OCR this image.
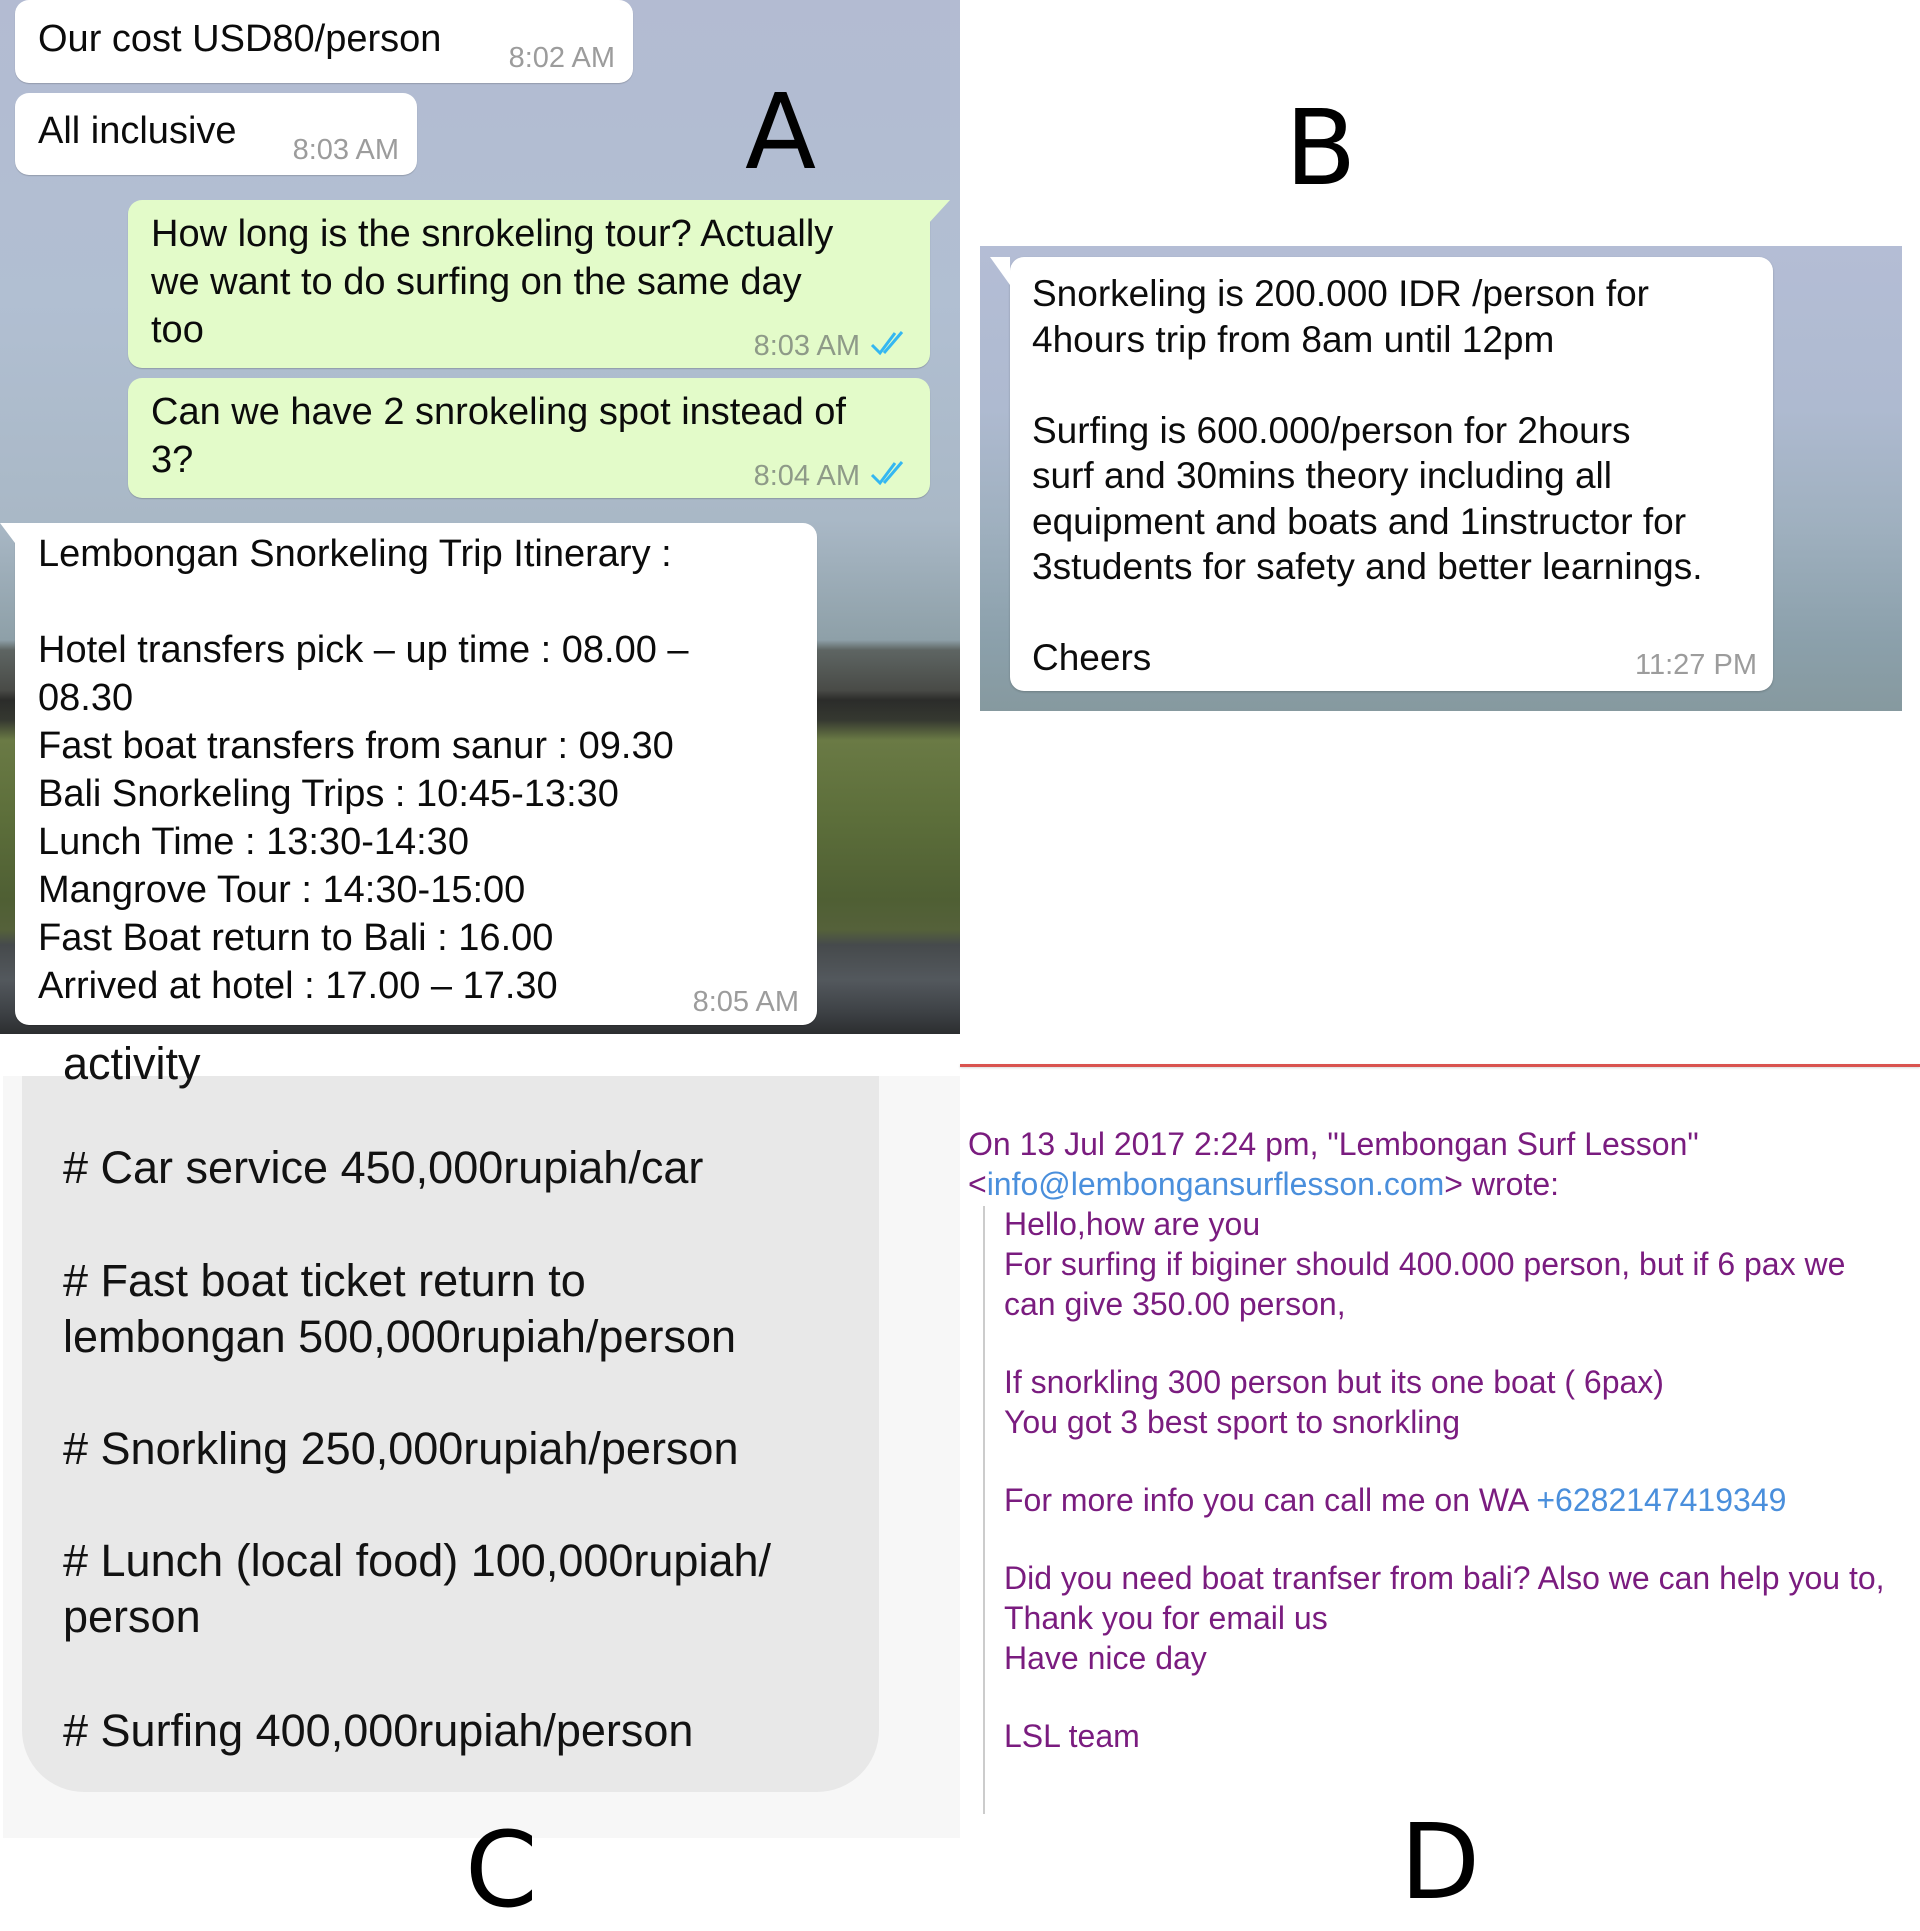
Our cost USD80/person 8:02 AM
All inclusive 8:03 AM	A
How long is the snrokeling tour? Actually
we want to do surfing on the same day
too	8:03 AM
Can we have 2 snrokeling spot instead of
3?	8:04 AM
Lembongan Snorkeling Trip Itinerary :
Hotel transfers pick – up time : 08.00 –
08.30
Fast boat transfers from sanur : 09.30
Bali Snorkeling Trips : 10:45-13:30
Lunch Time : 13:30-14:30
Mangrove Tour : 14:30-15:00
Fast Boat return to Bali : 16.00
Arrived at hotel : 17.00 – 17.30	8:05 AM
B
Snorkeling is 200.000 IDR /person for
4hours trip from 8am until 12pm
Surfing is 600.000/person for 2hours
surf and 30mins theory including all
equipment and boats and 1instructor for
3students for safety and better learnings.
Cheers	11:27 PM
activity
# Car service 450,000rupiah/car
# Fast boat ticket return to
lembongan 500,000rupiah/person
# Snorkling 250,000rupiah/person
# Lunch (local food) 100,000rupiah/
person
# Surfing 400,000rupiah/person
C
On 13 Jul 2017 2:24 pm, "Lembongan Surf Lesson"
<info@lembongansurflesson.com> wrote:
Hello,how are you
For surfing if biginer should 400.000 person, but if 6 pax we
can give 350.00 person,
If snorkling 300 person but its one boat ( 6pax)
You got 3 best sport to snorkling
For more info you can call me on WA +6282147419349
Did you need boat tranfser from bali? Also we can help you to,
Thank you for email us
Have nice day
LSL team
D
